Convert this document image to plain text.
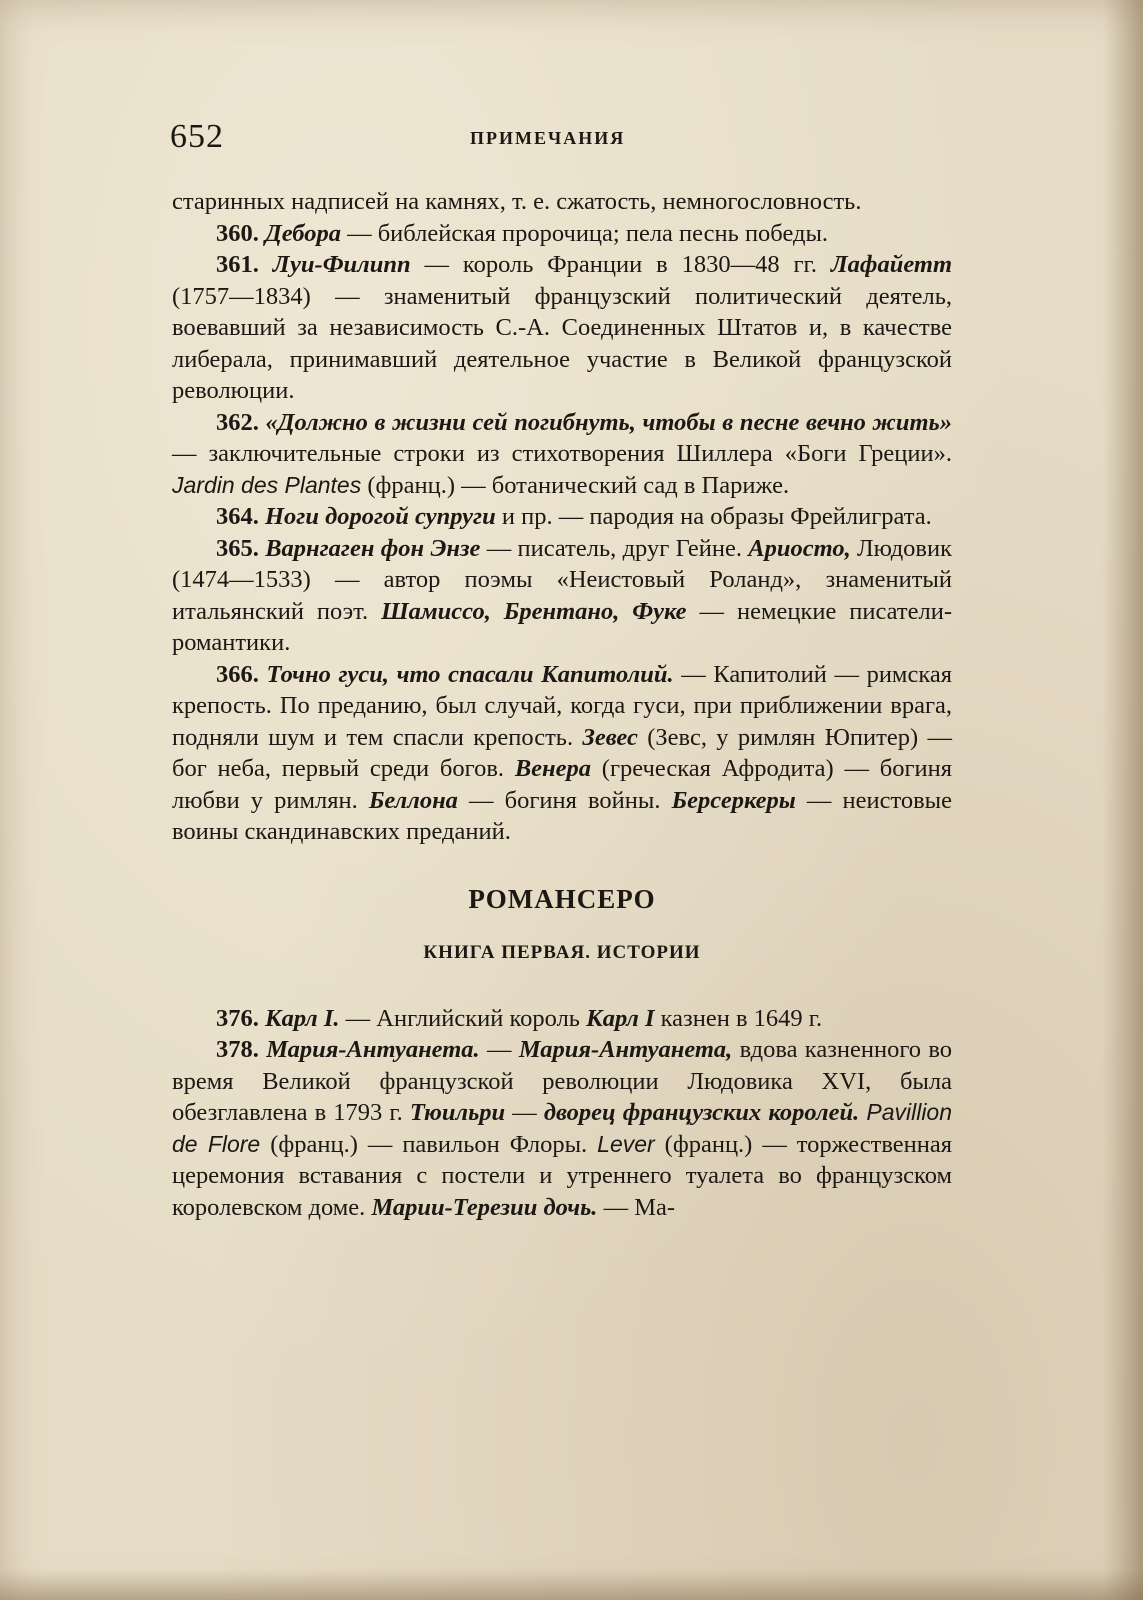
652	ПРИМЕЧАНИЯ

старинных надписей на камнях, т. е. сжатость, немногословность.

360. Дебора — библейская пророчица; пела песнь победы.

361. Луи-Филипп — король Франции в 1830—48 гг. Лафайетт (1757—1834) — знаменитый французский политический деятель, воевавший за независимость С.-А. Соединенных Штатов и, в качестве либерала, принимавший деятельное участие в Великой французской революции.

362. «Должно в жизни сей погибнуть, чтобы в песне вечно жить» — заключительные строки из стихотворения Шиллера «Боги Греции». Jardin des Plantes (франц.) — ботанический сад в Париже.

364. Ноги дорогой супруги и пр. — пародия на образы Фрейлиграта.

365. Варнгаген фон Энзе — писатель, друг Гейне. Ариосто, Людовик (1474—1533) — автор поэмы «Неистовый Роланд», знаменитый итальянский поэт. Шамиссо, Брентано, Фуке — немецкие писатели-романтики.

366. Точно гуси, что спасали Капитолий. — Капитолий — римская крепость. По преданию, был случай, когда гуси, при приближении врага, подняли шум и тем спасли крепость. Зевес (Зевс, у римлян Юпитер) — бог неба, первый среди богов. Венера (греческая Афродита) — богиня любви у римлян. Беллона — богиня войны. Берсеркеры — неистовые воины скандинавских преданий.

РОМАНСЕРО
КНИГА ПЕРВАЯ. ИСТОРИИ

376. Карл I. — Английский король Карл I казнен в 1649 г.

378. Мария-Антуанета. — Мария-Антуанета, вдова казненного во время Великой французской революции Людовика XVI, была обезглавлена в 1793 г. Тюильри — дворец французских королей. Pavillion de Flore (франц.) — павильон Флоры. Lever (франц.) — торжественная церемония вставания с постели и утреннего туалета во французском королевском доме. Марии-Терезии дочь. — Ма-
